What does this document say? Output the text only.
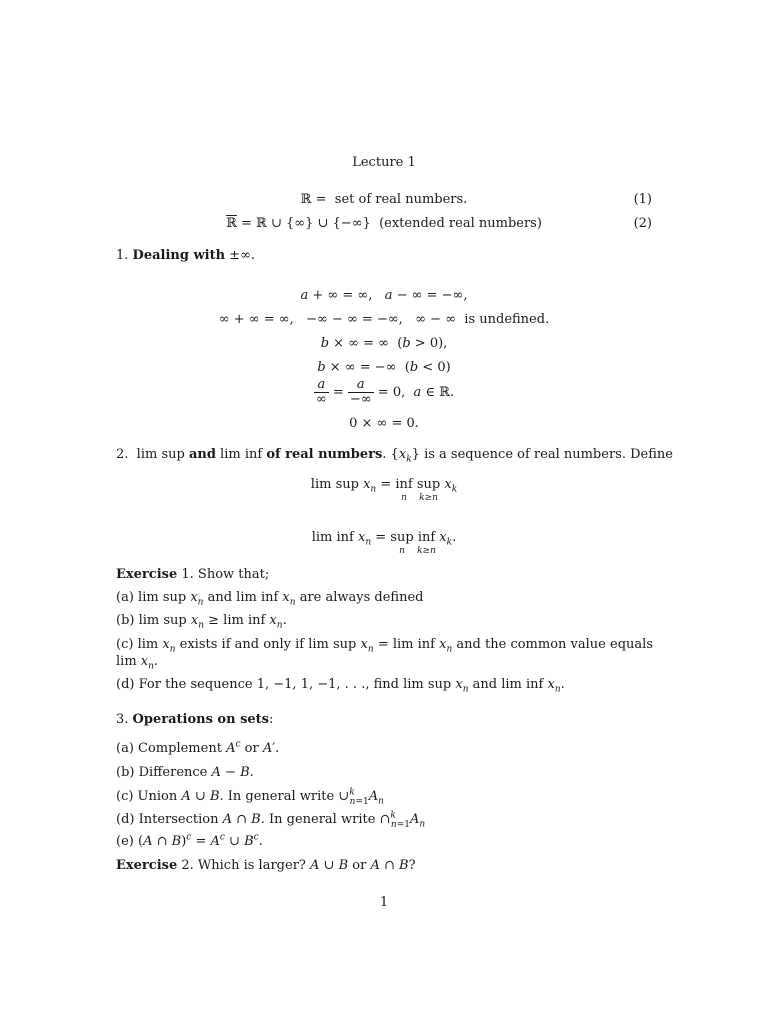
Lecture 1
ℝ =  set of real numbers.	(1)
ℝ = ℝ ∪ {∞} ∪ {−∞}  (extended real numbers)	(2)
1. Dealing with ±∞.
a + ∞ = ∞,   a − ∞ = −∞,
∞ + ∞ = ∞,   −∞ − ∞ = −∞,   ∞ − ∞  is undefined.
b × ∞ = ∞  (b > 0),
b × ∞ = −∞  (b < 0)
$\frac{a}{\infty} = \frac{a}{-\infty} = 0$,  a ∈ ℝ.
0 × ∞ = 0.
2.  lim sup and lim inf of real numbers. $\{x_k\}$ is a sequence of real numbers. Define
lim sup $x_n$ = inf
n
sup
k≥n
$x_k$
lim inf $x_n$ = sup
n
inf
k≥n
$x_k$.
Exercise 1. Show that;
(a) lim sup $x_n$ and lim inf $x_n$ are always defined
(b) lim sup $x_n \ge \lim$ inf $x_n$.
(c) $\lim x_n$ exists if and only if lim sup $x_n = \lim$ inf $x_n$ and the common value equals $\lim x_n$.
(d) For the sequence 1, −1, 1, −1, . . ., find lim sup $x_n$ and lim inf $x_n$.
3. Operations on sets:
(a) Complement $A^c$ or A′.
(b) Difference A − B.
(c) Union A ∪ B. In general write $\cup^k_{n=1}A_n$
(d) Intersection A ∩ B. In general write $\cap^k_{n=1}A_n$
(e) (A ∩ $B)^c = A^c$ ∪ $B^c$.
Exercise 2. Which is larger? A ∪ B or A ∩ B?
1
